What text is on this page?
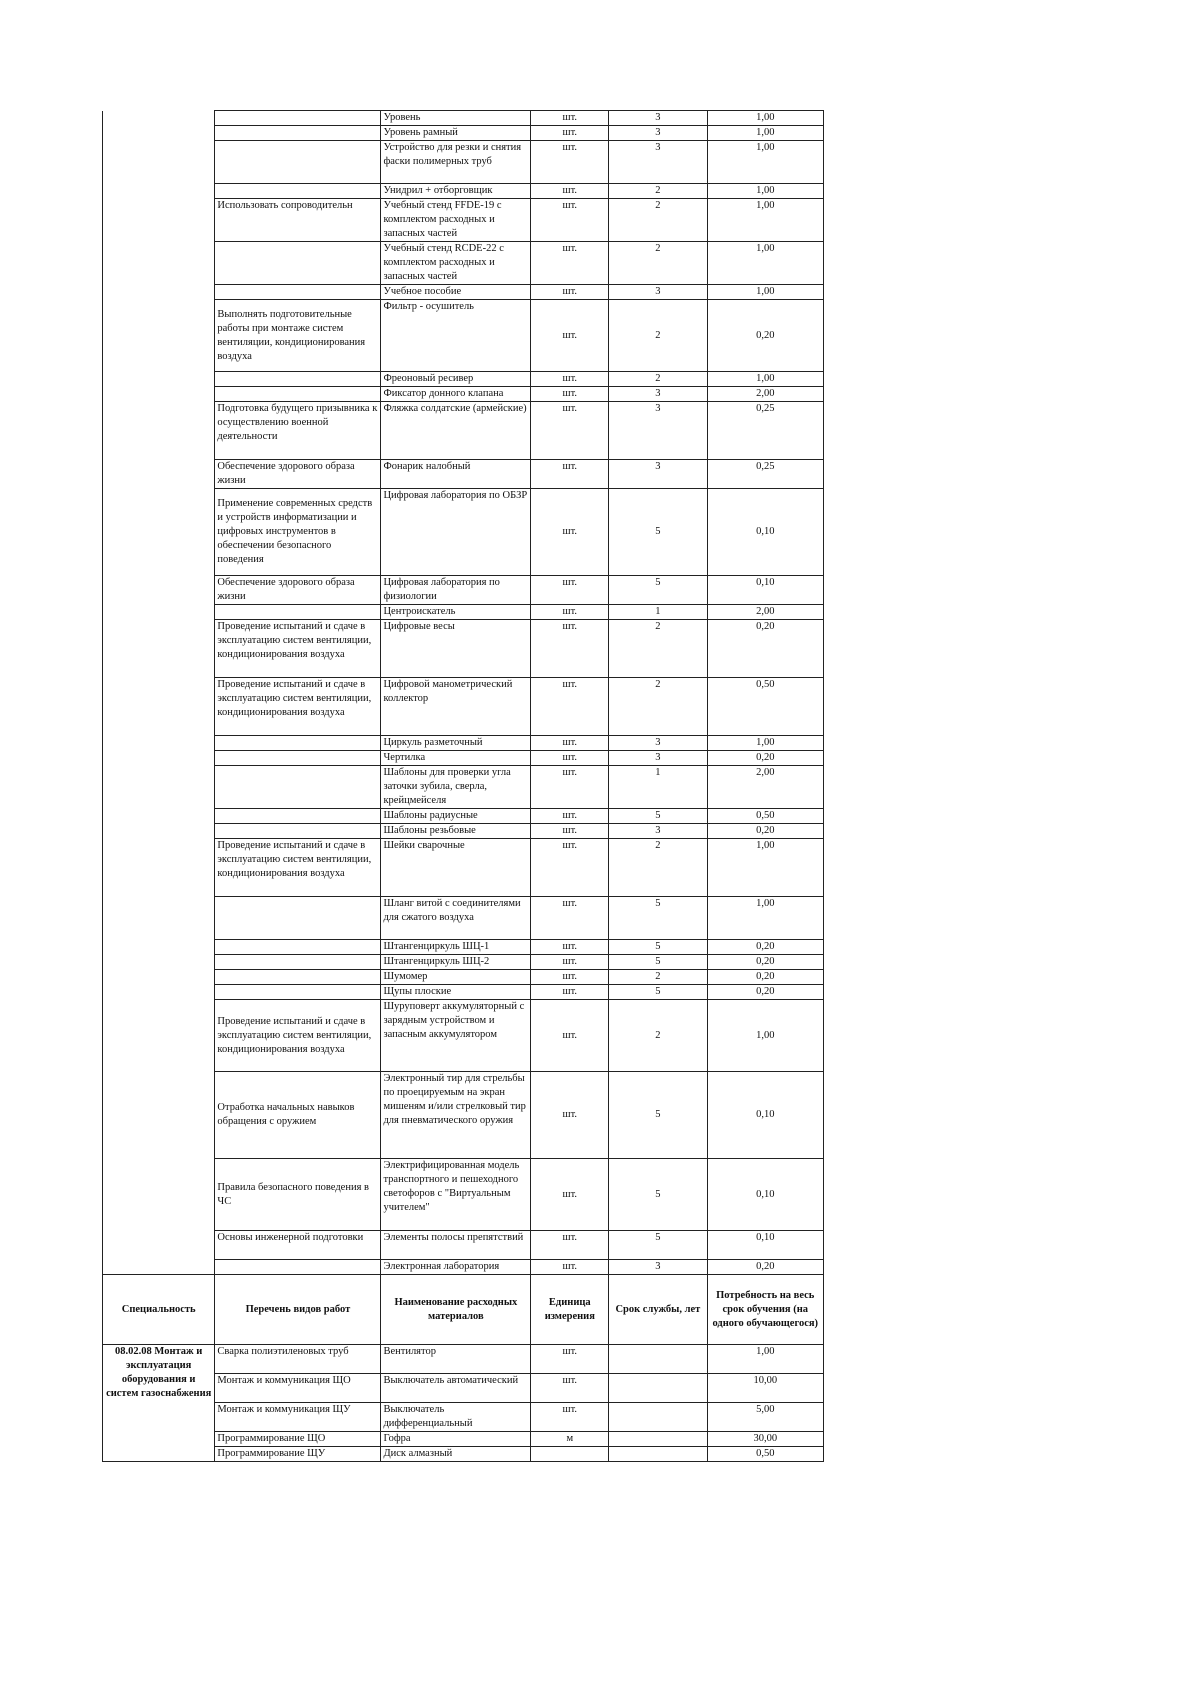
		Уровень	шт.	3	1,00
		Уровень рамный	шт.	3	1,00
		Устройство для резки и снятия фаски полимерных труб	шт.	3	1,00
		Унидрил + отборговщик	шт.	2	1,00
	Использовать сопроводительн	Учебный стенд FFDE-19 с комплектом расходных и запасных частей	шт.	2	1,00
		Учебный стенд RCDE-22 с комплектом расходных и запасных частей	шт.	2	1,00
		Учебное пособие	шт.	3	1,00
	Выполнять подготовительные работы при монтаже систем вентиляции, кондиционирования воздуха	Фильтр - осушитель	шт.	2	0,20
		Фреоновый ресивер	шт.	2	1,00
		Фиксатор донного клапана	шт.	3	2,00
	Подготовка будущего призывника к осуществлению военной деятельности	Фляжка солдатские (армейские)	шт.	3	0,25
	Обеспечение здорового образа жизни	Фонарик налобный	шт.	3	0,25
	Применение современных средств и устройств информатизации и цифровых инструментов в обеспечении безопасного поведения	Цифровая лаборатория по ОБЗР	шт.	5	0,10
	Обеспечение здорового образа жизни	Цифровая лаборатория по физиологии	шт.	5	0,10
		Центроискатель	шт.	1	2,00
	Проведение испытаний и сдаче в эксплуатацию систем вентиляции, кондиционирования воздуха	Цифровые весы	шт.	2	0,20
	Проведение испытаний и сдаче в эксплуатацию систем вентиляции, кондиционирования воздуха	Цифровой манометрический коллектор	шт.	2	0,50
		Циркуль разметочный	шт.	3	1,00
		Чертилка	шт.	3	0,20
		Шаблоны для проверки угла заточки зубила, сверла, крейцмейселя	шт.	1	2,00
		Шаблоны радиусные	шт.	5	0,50
		Шаблоны резьбовые	шт.	3	0,20
	Проведение испытаний и сдаче в эксплуатацию систем вентиляции, кондиционирования воздуха	Шейки сварочные	шт.	2	1,00
		Шланг витой с соединителями для сжатого воздуха	шт.	5	1,00
		Штангенциркуль ШЦ-1	шт.	5	0,20
		Штангенциркуль ШЦ-2	шт.	5	0,20
		Шумомер	шт.	2	0,20
		Щупы плоские	шт.	5	0,20
	Проведение испытаний и сдаче в эксплуатацию систем вентиляции, кондиционирования воздуха	Шуруповерт аккумуляторный с зарядным устройством и запасным аккумулятором	шт.	2	1,00
	Отработка начальных навыков обращения с оружием	Электронный тир для стрельбы по проецируемым на экран мишеням и/или стрелковый тир для пневматического оружия	шт.	5	0,10
	Правила безопасного поведения в ЧС	Электрифицированная модель транспортного и пешеходного светофоров с "Виртуальным учителем"	шт.	5	0,10
	Основы инженерной подготовки	Элементы полосы препятствий	шт.	5	0,10
		Электронная лаборатория	шт.	3	0,20
Специальность	Перечень видов работ	Наименование расходных материалов	Единица измерения	Срок службы, лет	Потребность на весь срок обучения (на одного обучающегося)
08.02.08 Монтаж и эксплуатация оборудования и систем газоснабжения	Сварка полиэтиленовых труб	Вентилятор	шт.		1,00
	Монтаж и коммуникация ЩО	Выключатель автоматический	шт.		10,00
	Монтаж и коммуникация ЩУ	Выключатель дифференциальный	шт.		5,00
	Программирование ЩО	Гофра	м		30,00
	Программирование ЩУ	Диск алмазный			0,50
